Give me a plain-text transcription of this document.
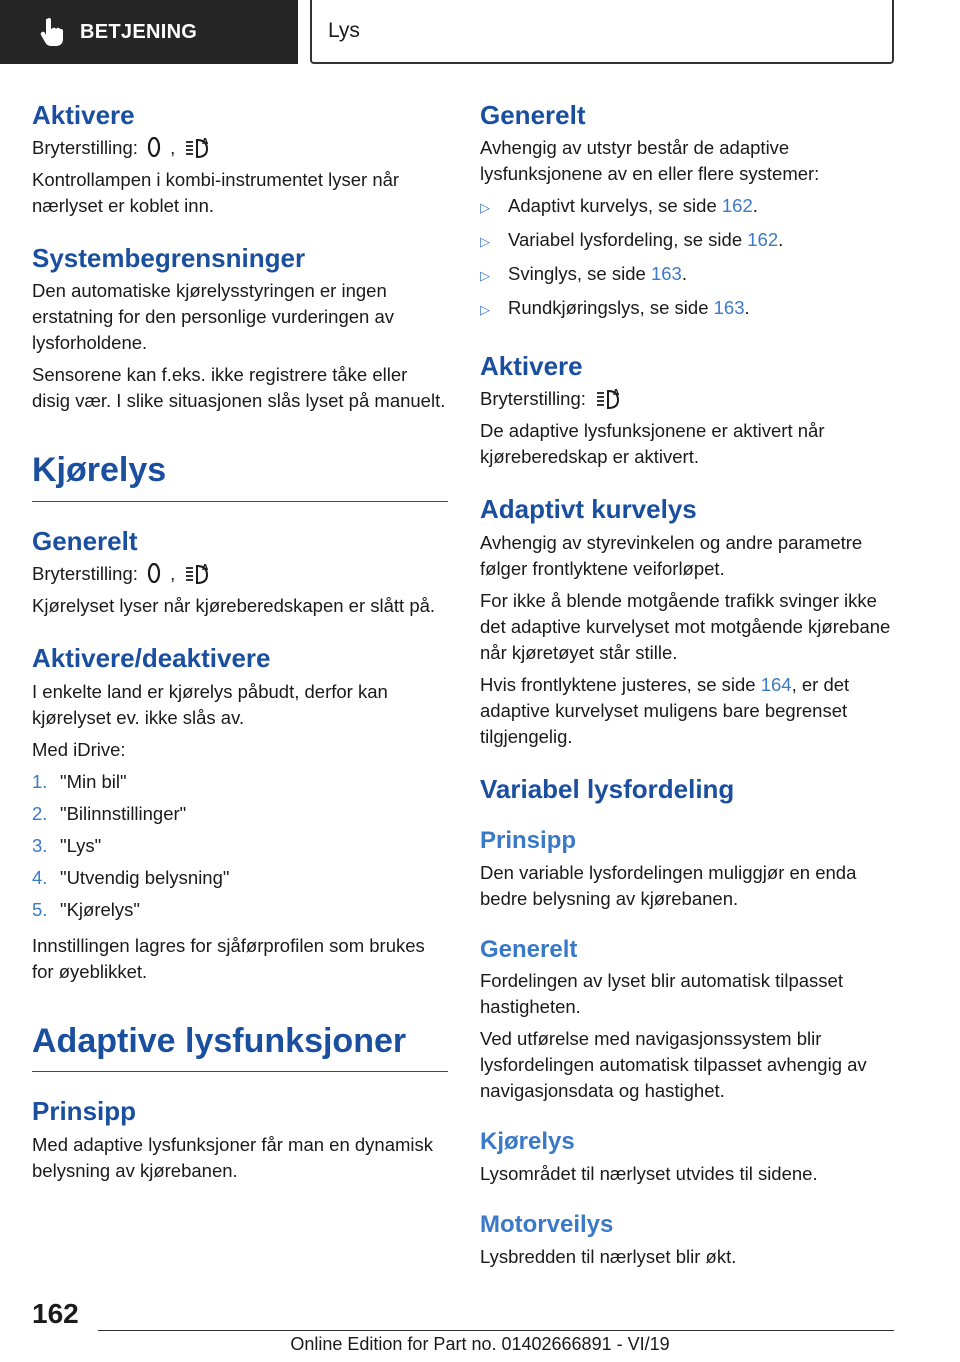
BETJENING	Lys
Aktivere

Bryterstilling: ,	A

Kontrollampen i kombi-instrumentet lyser når nærlyset er koblet inn.

Systembegrensninger

Den automatiske kjørelysstyringen er ingen erstatning for den personlige vurderingen av lysforholdene.

Sensorene kan f.eks. ikke registrere tåke eller disig vær. I slike situasjonen slås lyset på manuelt.

Kjørelys
Generelt

Bryterstilling: ,	A

Kjørelyset lyser når kjøreberedskapen er slått på.

Aktivere/deaktivere

I enkelte land er kjørelys påbudt, derfor kan kjørelyset ev. ikke slås av.

Med iDrive:

1. "Min bil"
2. "Bilinnstillinger"
3. "Lys"
4. "Utvendig belysning"
5. "Kjørelys"

Innstillingen lagres for sjåførprofilen som brukes for øyeblikket.

Adaptive lysfunksjoner
Prinsipp

Med adaptive lysfunksjoner får man en dynamisk belysning av kjørebanen.

Generelt

Avhengig av utstyr består de adaptive lysfunksjonene av en eller flere systemer:

▷ Adaptivt kurvelys, se side 162.
▷ Variabel lysfordeling, se side 162.
▷ Svinglys, se side 163.
▷ Rundkjøringslys, se side 163.
Aktivere

Bryterstilling:	A

De adaptive lysfunksjonene er aktivert når kjøreberedskap er aktivert.

Adaptivt kurvelys

Avhengig av styrevinkelen og andre parametre følger frontlyktene veiforløpet.

For ikke å blende motgående trafikk svinger ikke det adaptive kurvelyset mot motgående kjørebane når kjøretøyet står stille.

Hvis frontlyktene justeres, se side 164, er det adaptive kurvelyset muligens bare begrenset tilgjengelig.

Variabel lysfordeling
Prinsipp

Den variable lysfordelingen muliggjør en enda bedre belysning av kjørebanen.

Generelt

Fordelingen av lyset blir automatisk tilpasset hastigheten.

Ved utførelse med navigasjonssystem blir lysfordelingen automatisk tilpasset avhengig av navigasjonsdata og hastighet.

Kjørelys

Lysområdet til nærlyset utvides til sidene.

Motorveilys

Lysbredden til nærlyset blir økt.

162
Online Edition for Part no. 01402666891 - VI/19
